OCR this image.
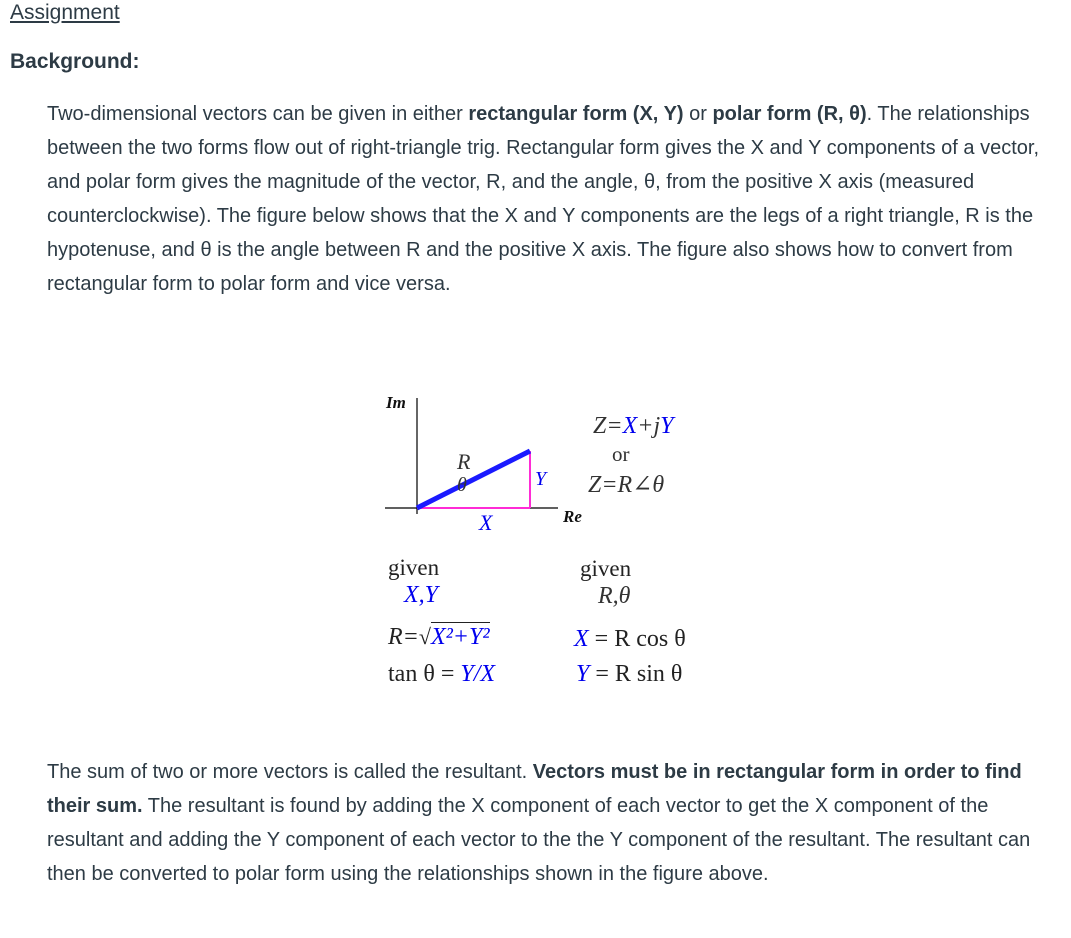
Assignment
Background:

Two-dimensional vectors can be given in either rectangular form (X, Y) or polar form (R, θ). The relationships between the two forms flow out of right-triangle trig. Rectangular form gives the X and Y components of a vector, and polar form gives the magnitude of the vector, R, and the angle, θ, from the positive X axis (measured counterclockwise). The figure below shows that the X and Y components are the legs of a right triangle, R is the hypotenuse, and θ is the angle between R and the positive X axis. The figure also shows how to convert from rectangular form to polar form and vice versa.

Im
Re
R
θ
X
Y
Z=X+jY
or
Z=R∠θ
given
X,Y
R=√X²+Y²
tan θ = Y/X
given
R,θ
X = R cos θ
Y = R sin θ

The sum of two or more vectors is called the resultant. Vectors must be in rectangular form in order to find their sum. The resultant is found by adding the X component of each vector to get the X component of the resultant and adding the Y component of each vector to the the Y component of the resultant. The resultant can then be converted to polar form using the relationships shown in the figure above.
